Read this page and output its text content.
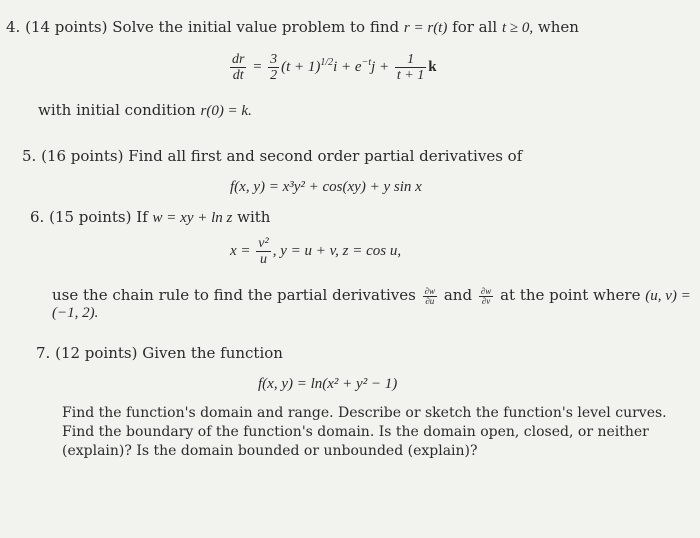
4. (14 points) Solve the initial value problem to find r = r(t) for all t ≥ 0, when
$\frac{dr}{dt} = \frac{3}{2} (t + 1)^{1/2}i + e^{-t}j + \frac{1}{t + 1}$ k
with initial condition r(0) = k.
5. (16 points) Find all first and second order partial derivatives of
f(x, y) = x³y² + cos(xy) + y sin x
6. (15 points) If w = xy + ln z with
$x = \frac{\text{v²}}{u}$ , y = u + v, z = cos u,
use the chain rule to find the partial derivatives $\frac{\partial w}{\partial u}$ and $\frac{\partial w}{\partial v}$ at the point where (u, v) =
(−1, 2).
7. (12 points) Given the function
f(x, y) = ln(x² + y² − 1)
Find the function's domain and range. Describe or sketch the function's level curves.
Find the boundary of the function's domain. Is the domain open, closed, or neither
(explain)? Is the domain bounded or unbounded (explain)?
